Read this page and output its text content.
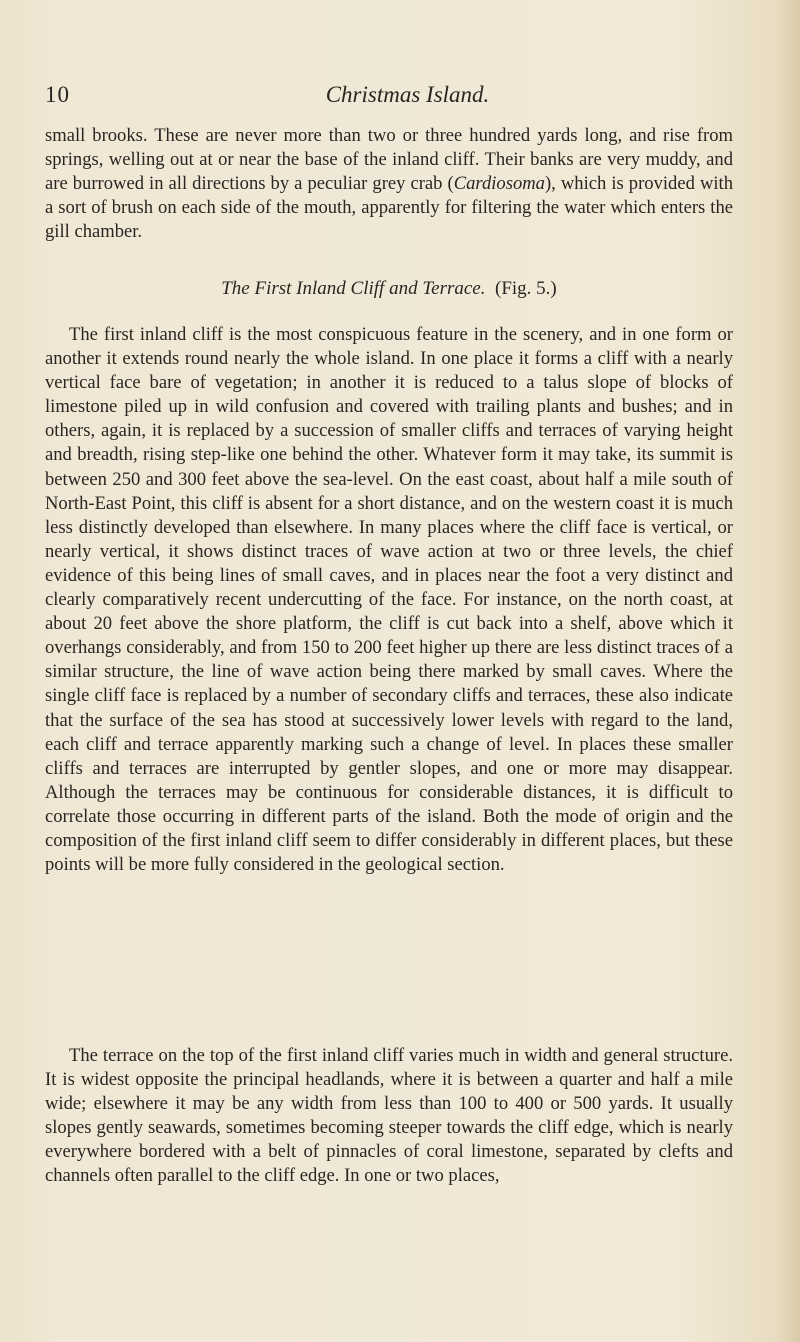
10	Christmas Island.

small brooks. These are never more than two or three hundred yards long, and rise from springs, welling out at or near the base of the inland cliff. Their banks are very muddy, and are burrowed in all directions by a peculiar grey crab (Cardiosoma), which is provided with a sort of brush on each side of the mouth, apparently for filtering the water which enters the gill chamber.

The First Inland Cliff and Terrace. (Fig. 5.)

The first inland cliff is the most conspicuous feature in the scenery, and in one form or another it extends round nearly the whole island. In one place it forms a cliff with a nearly vertical face bare of vegetation; in another it is reduced to a talus slope of blocks of limestone piled up in wild confusion and covered with trailing plants and bushes; and in others, again, it is replaced by a succession of smaller cliffs and terraces of varying height and breadth, rising step-like one behind the other. Whatever form it may take, its summit is between 250 and 300 feet above the sea-level. On the east coast, about half a mile south of North-East Point, this cliff is absent for a short distance, and on the western coast it is much less distinctly developed than elsewhere. In many places where the cliff face is vertical, or nearly vertical, it shows distinct traces of wave action at two or three levels, the chief evidence of this being lines of small caves, and in places near the foot a very distinct and clearly comparatively recent undercutting of the face. For instance, on the north coast, at about 20 feet above the shore platform, the cliff is cut back into a shelf, above which it overhangs considerably, and from 150 to 200 feet higher up there are less distinct traces of a similar structure, the line of wave action being there marked by small caves. Where the single cliff face is replaced by a number of secondary cliffs and terraces, these also indicate that the surface of the sea has stood at successively lower levels with regard to the land, each cliff and terrace apparently marking such a change of level. In places these smaller cliffs and terraces are interrupted by gentler slopes, and one or more may disappear. Although the terraces may be continuous for considerable distances, it is difficult to correlate those occurring in different parts of the island. Both the mode of origin and the composition of the first inland cliff seem to differ considerably in different places, but these points will be more fully considered in the geological section.

The terrace on the top of the first inland cliff varies much in width and general structure. It is widest opposite the principal headlands, where it is between a quarter and half a mile wide; elsewhere it may be any width from less than 100 to 400 or 500 yards. It usually slopes gently seawards, sometimes becoming steeper towards the cliff edge, which is nearly everywhere bordered with a belt of pinnacles of coral limestone, separated by clefts and channels often parallel to the cliff edge. In one or two places,
